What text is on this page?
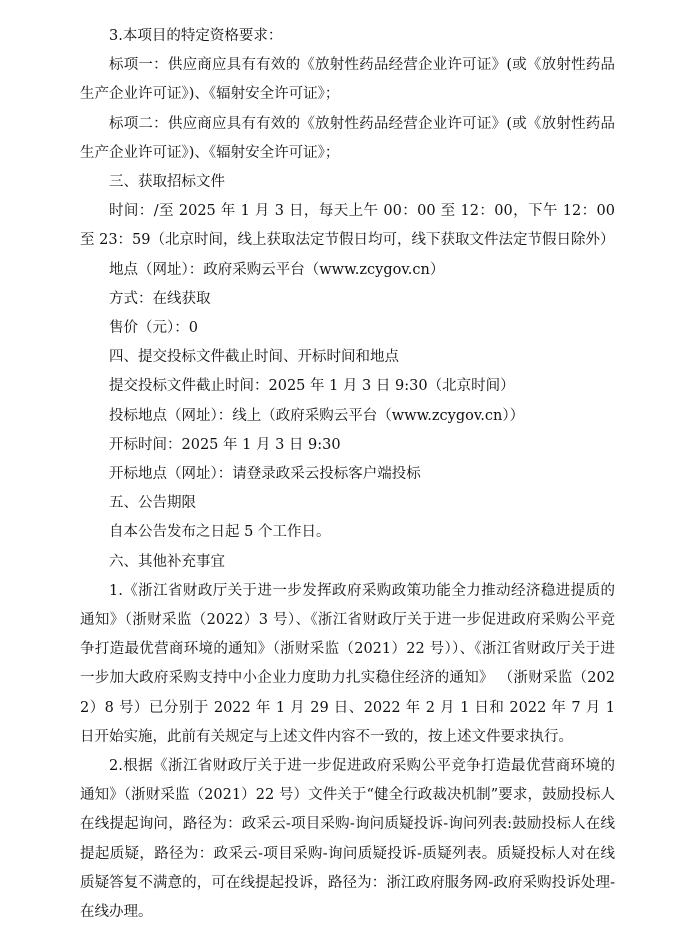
3.本项目的特定资格要求：

标项一：供应商应具有有效的《放射性药品经营企业许可证》(或《放射性药品生产企业许可证》)、《辐射安全许可证》；

标项二：供应商应具有有效的《放射性药品经营企业许可证》(或《放射性药品生产企业许可证》)、《辐射安全许可证》；

三、获取招标文件

时间：/至 2025 年 1 月 3 日，每天上午 00：00 至 12：00，下午 12：00 至 23：59（北京时间，线上获取法定节假日均可，线下获取文件法定节假日除外）

地点（网址）：政府采购云平台（www.zcygov.cn）

方式：在线获取

售价（元）：0

四、提交投标文件截止时间、开标时间和地点

提交投标文件截止时间：2025 年 1 月 3 日 9:30（北京时间）

投标地点（网址）：线上（政府采购云平台（www.zcygov.cn））

开标时间：2025 年 1 月 3 日 9:30

开标地点（网址）：请登录政采云投标客户端投标

五、公告期限

自本公告发布之日起 5 个工作日。

六、其他补充事宜

1.《浙江省财政厅关于进一步发挥政府采购政策功能全力推动经济稳进提质的通知》（浙财采监（2022）3 号）、《浙江省财政厅关于进一步促进政府采购公平竞争打造最优营商环境的通知》（浙财采监（2021）22 号））、《浙江省财政厅关于进一步加大政府采购支持中小企业力度助力扎实稳住经济的通知》 （浙财采监（2022）8 号）已分别于 2022 年 1 月 29 日、2022 年 2 月 1 日和 2022 年 7 月 1 日开始实施，此前有关规定与上述文件内容不一致的，按上述文件要求执行。

2.根据《浙江省财政厅关于进一步促进政府采购公平竞争打造最优营商环境的通知》（浙财采监（2021）22 号）文件关于“健全行政裁决机制”要求，鼓励投标人在线提起询问，路径为：政采云-项目采购-询问质疑投诉-询问列表:鼓励投标人在线提起质疑，路径为：政采云-项目采购-询问质疑投诉-质疑列表。质疑投标人对在线质疑答复不满意的，可在线提起投诉，路径为：浙江政府服务网-政府采购投诉处理-在线办理。
